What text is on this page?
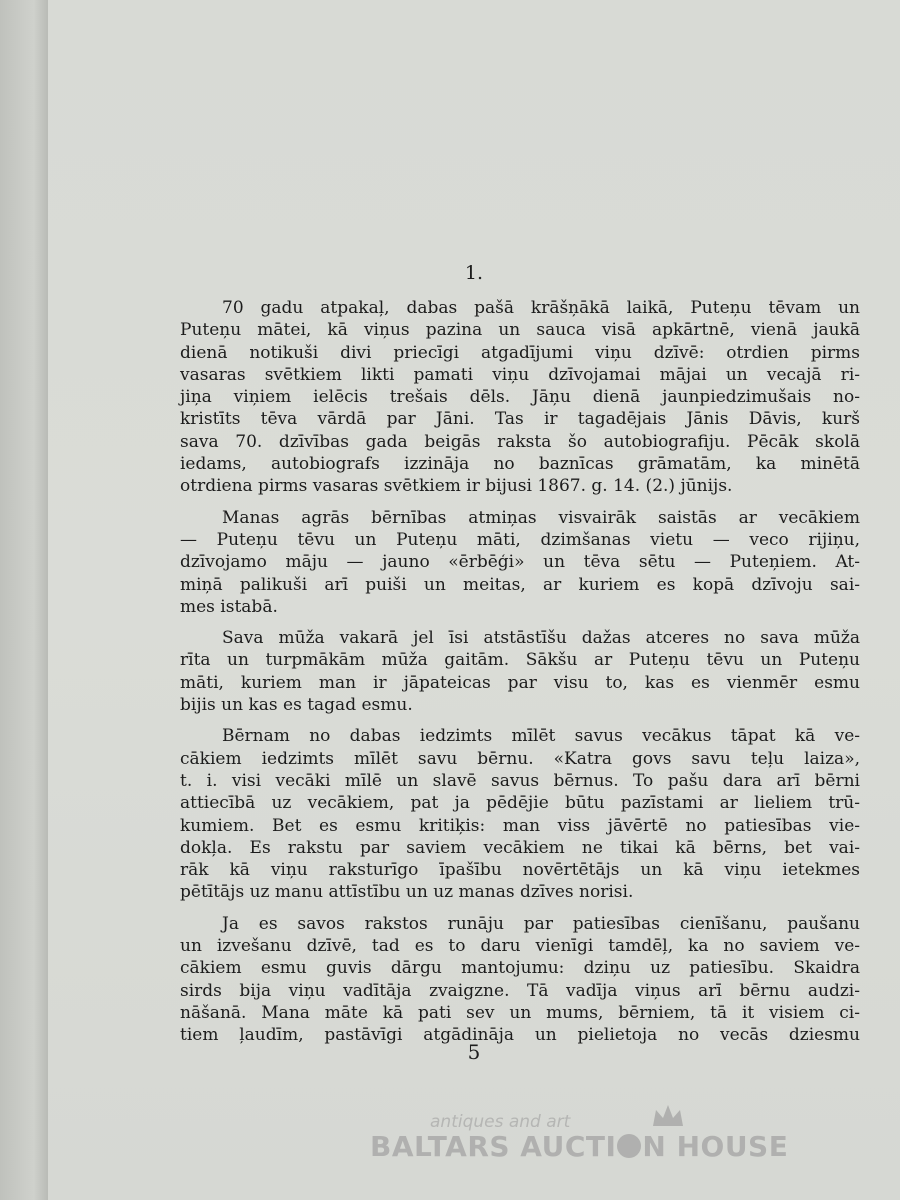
1.
70 gadu atpakaļ, dabas pašā krāšņākā laikā, Puteņu tēvam un
Puteņu mātei, kā viņus pazina un sauca visā apkārtnē, vienā jaukā
dienā notikuši divi priecīgi atgadījumi viņu dzīvē: otrdien pirms
vasaras svētkiem likti pamati viņu dzīvojamai mājai un vecajā ri-
jiņa viņiem ielēcis trešais dēls. Jāņu dienā jaunpiedzimušais no-
kristīts tēva vārdā par Jāni. Tas ir tagadējais Jānis Dāvis, kurš
sava 70. dzīvības gada beigās raksta šo autobiografiju. Pēcāk skolā
iedams, autobiografs izzināja no baznīcas grāmatām, ka minētā
otrdiena pirms vasaras svētkiem ir bijusi 1867. g. 14. (2.) jūnijs.
Manas agrās bērnības atmiņas visvairāk saistās ar vecākiem
— Puteņu tēvu un Puteņu māti, dzimšanas vietu — veco rijiņu,
dzīvojamo māju — jauno «ērbēģi» un tēva sētu — Puteņiem. At-
miņā palikuši arī puiši un meitas, ar kuriem es kopā dzīvoju sai-
mes istabā.
Sava mūža vakarā jel īsi atstāstīšu dažas atceres no sava mūža
rīta un turpmākām mūža gaitām. Sākšu ar Puteņu tēvu un Puteņu
māti, kuriem man ir jāpateicas par visu to, kas es vienmēr esmu
bijis un kas es tagad esmu.
Bērnam no dabas iedzimts mīlēt savus vecākus tāpat kā ve-
cākiem iedzimts mīlēt savu bērnu. «Katra govs savu teļu laiza»,
t. i. visi vecāki mīlē un slavē savus bērnus. To pašu dara arī bērni
attiecībā uz vecākiem, pat ja pēdējie būtu pazīstami ar lieliem trū-
kumiem. Bet es esmu kritiķis: man viss jāvērtē no patiesības vie-
dokļa. Es rakstu par saviem vecākiem ne tikai kā bērns, bet vai-
rāk kā viņu raksturīgo īpašību novērtētājs un kā viņu ietekmes
pētītājs uz manu attīstību un uz manas dzīves norisi.
Ja es savos rakstos runāju par patiesības cienīšanu, paušanu
un izvešanu dzīvē, tad es to daru vienīgi tamdēļ, ka no saviem ve-
cākiem esmu guvis dārgu mantojumu: dziņu uz patiesību. Skaidra
sirds bija viņu vadītāja zvaigzne. Tā vadīja viņus arī bērnu audzi-
nāšanā. Mana māte kā pati sev un mums, bērniem, tā it visiem ci-
tiem ļaudīm, pastāvīgi atgādināja un pielietoja no vecās dziesmu
5
antiques and art
BALTARS AUCTI N HOUSE
